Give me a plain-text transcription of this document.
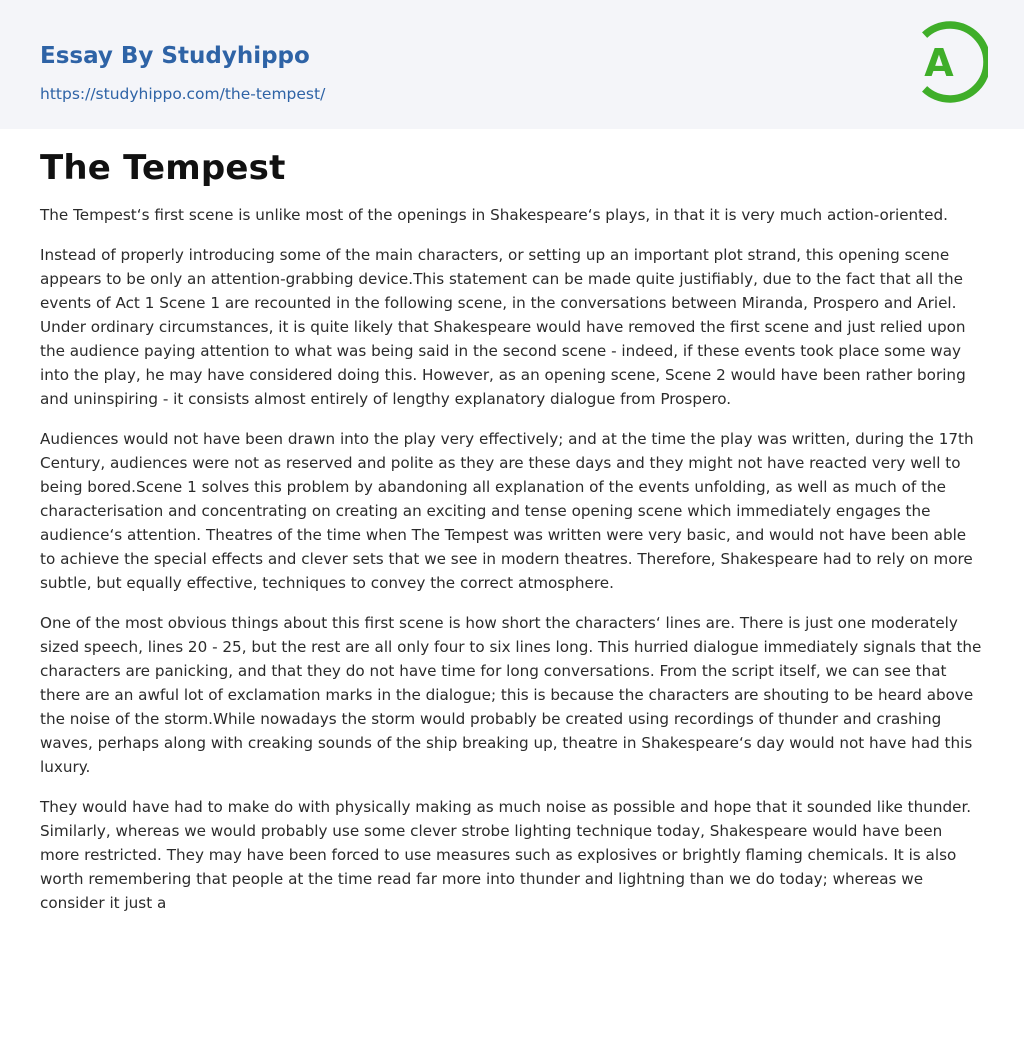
Essay By Studyhippo
https://studyhippo.com/the-tempest/
A
The Tempest

The Tempest‘s first scene is unlike most of the openings in Shakespeare‘s plays, in that it is very much action-oriented.

Instead of properly introducing some of the main characters, or setting up an important plot strand, this opening scene appears to be only an attention-grabbing device.This statement can be made quite justifiably, due to the fact that all the events of Act 1 Scene 1 are recounted in the following scene, in the conversations between Miranda, Prospero and Ariel. Under ordinary circumstances, it is quite likely that Shakespeare would have removed the first scene and just relied upon the audience paying attention to what was being said in the second scene - indeed, if these events took place some way into the play, he may have considered doing this. However, as an opening scene, Scene 2 would have been rather boring and uninspiring - it consists almost entirely of lengthy explanatory dialogue from Prospero.

Audiences would not have been drawn into the play very effectively; and at the time the play was written, during the 17th Century, audiences were not as reserved and polite as they are these days and they might not have reacted very well to being bored.Scene 1 solves this problem by abandoning all explanation of the events unfolding, as well as much of the characterisation and concentrating on creating an exciting and tense opening scene which immediately engages the audience‘s attention. Theatres of the time when The Tempest was written were very basic, and would not have been able to achieve the special effects and clever sets that we see in modern theatres. Therefore, Shakespeare had to rely on more subtle, but equally effective, techniques to convey the correct atmosphere.

One of the most obvious things about this first scene is how short the characters‘ lines are. There is just one moderately sized speech, lines 20 - 25, but the rest are all only four to six lines long. This hurried dialogue immediately signals that the characters are panicking, and that they do not have time for long conversations. From the script itself, we can see that there are an awful lot of exclamation marks in the dialogue; this is because the characters are shouting to be heard above the noise of the storm.While nowadays the storm would probably be created using recordings of thunder and crashing waves, perhaps along with creaking sounds of the ship breaking up, theatre in Shakespeare‘s day would not have had this luxury.

They would have had to make do with physically making as much noise as possible and hope that it sounded like thunder. Similarly, whereas we would probably use some clever strobe lighting technique today, Shakespeare would have been more restricted. They may have been forced to use measures such as explosives or brightly flaming chemicals. It is also worth remembering that people at the time read far more into thunder and lightning than we do today; whereas we consider it just a
